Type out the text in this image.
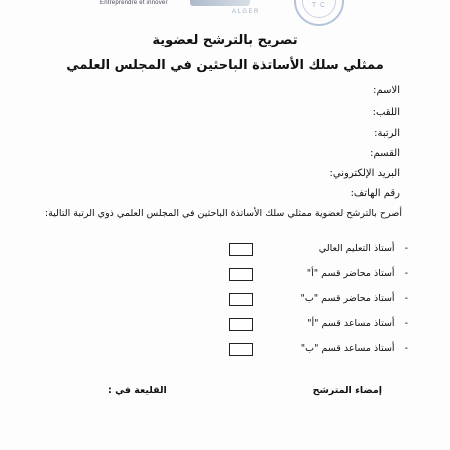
Entreprendre et innover
ALGER
T C
تصريح بالترشح لعضوية
ممثلي سلك الأساتذة الباحثين في المجلس العلمي
الاسم:
اللقب:
الرتبة:
القسم:
البريد الإلكتروني:
رقم الهاتف:
أصرح بالترشح لعضوية ممثلي سلك الأساتذة الباحثين في المجلس العلمي ذوي الرتبة التالية:
-أستاذ التعليم العالي
-أستاذ محاضر قسم "أ"
-أستاذ محاضر قسم "ب"
-أستاذ مساعد قسم "أ"
-أستاذ مساعد قسم "ب"
إمضاء المترشح
القليعة في :
